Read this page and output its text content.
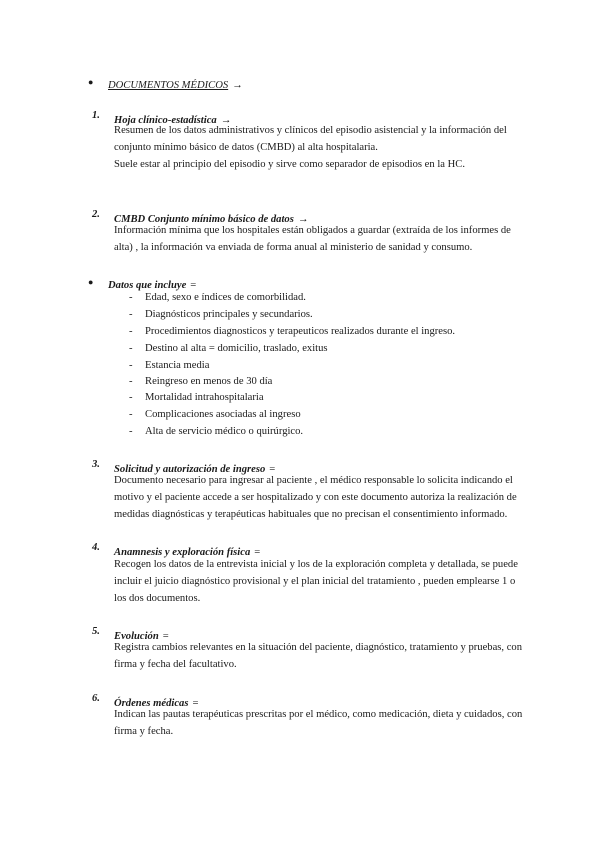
● DOCUMENTOS MÉDICOS →
1. Hoja clínico-estadística →
Resumen de los datos administrativos y clínicos del episodio asistencial y la información del
conjunto mínimo básico de datos (CMBD) al alta hospitalaria.
Suele estar al principio del episodio y sirve como separador de episodios en la HC.
2. CMBD Conjunto mínimo básico de datos →
Información mínima que los hospitales están obligados a guardar (extraída de los informes de
alta) , la información va enviada de forma anual al ministerio de sanidad y consumo.
● Datos que incluye =
- Edad, sexo e índices de comorbilidad.
- Diagnósticos principales y secundarios.
- Procedimientos diagnosticos y terapeuticos realizados durante el ingreso.
- Destino al alta = domicilio, traslado, exitus
- Estancia media
- Reingreso en menos de 30 día
- Mortalidad intrahospitalaria
- Complicaciones asociadas al ingreso
- Alta de servicio médico o quirúrgico.
3. Solicitud y autorización de ingreso =
Documento necesario para ingresar al paciente , el médico responsable lo solicita indicando el
motivo y el paciente accede a ser hospitalizado y con este documento autoriza la realización de
medidas diagnósticas y terapéuticas habituales que no precisan el consentimiento informado.
4. Anamnesis y exploración física =
Recogen los datos de la entrevista inicial y los de la exploración completa y detallada, se puede
incluir el juicio diagnóstico provisional y el plan inicial del tratamiento , pueden emplearse 1 o
los dos documentos.
5. Evolución =
Registra cambios relevantes en la situación del paciente, diagnóstico, tratamiento y pruebas, con
firma y fecha del facultativo.
6. Órdenes médicas =
Indican las pautas terapéuticas prescritas por el médico, como medicación, dieta y cuidados, con
firma y fecha.
